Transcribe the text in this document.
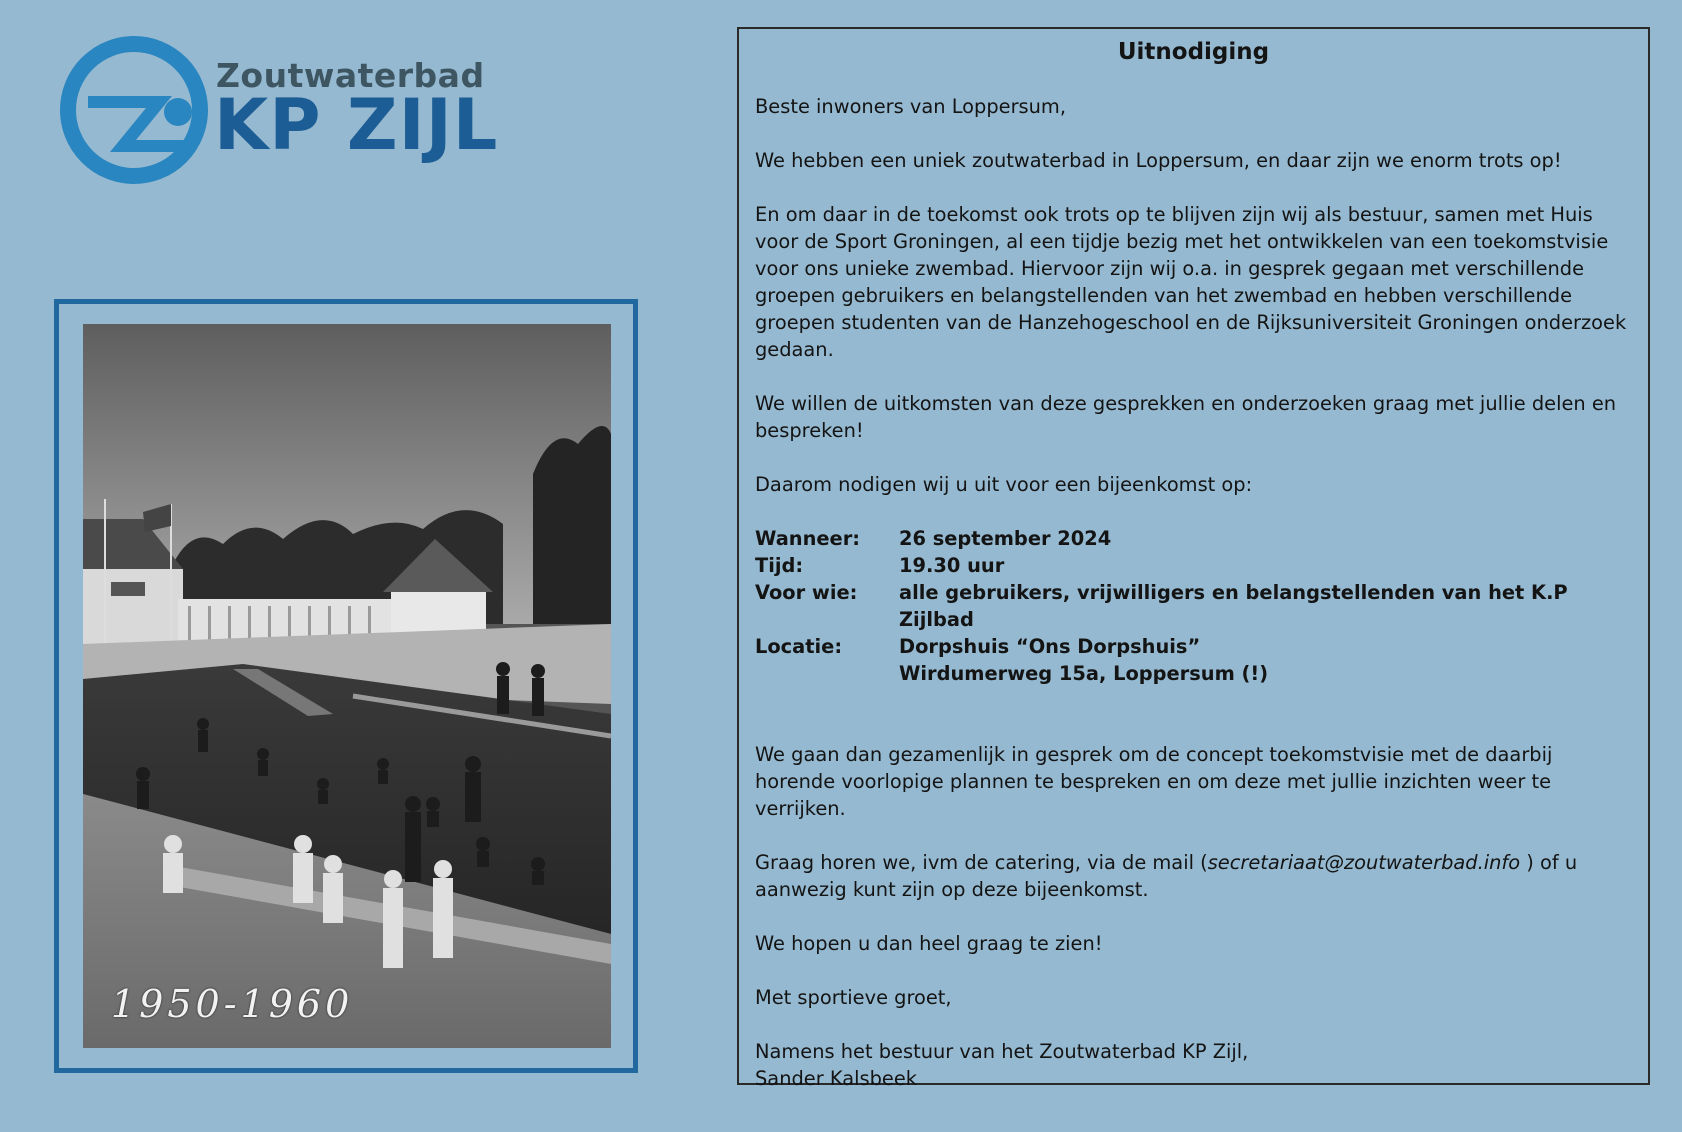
Zoutwaterbad
KP ZIJL
1950-1960
Uitnodiging

Beste inwoners van Loppersum,

We hebben een uniek zoutwaterbad in Loppersum, en daar zijn we enorm trots op!

En om daar in de toekomst ook trots op te blijven zijn wij als bestuur, samen met Huis voor de Sport Groningen, al een tijdje bezig met het ontwikkelen van een toekomstvisie voor ons unieke zwembad. Hiervoor zijn wij o.a. in gesprek gegaan met verschillende groepen gebruikers en belangstellenden van het zwembad en hebben verschillende groepen studenten van de Hanzehogeschool en de Rijksuniversiteit Groningen onderzoek gedaan.

We willen de uitkomsten van deze gesprekken en onderzoeken graag met jullie delen en bespreken!

Daarom nodigen wij u uit voor een bijeenkomst op:

Wanneer:	26 september 2024
Tijd:	19.30 uur
Voor wie:	alle gebruikers, vrijwilligers en belangstellenden van het K.P Zijlbad
Locatie:	Dorpshuis “Ons Dorpshuis”
Wirdumerweg 15a, Loppersum (!)

We gaan dan gezamenlijk in gesprek om de concept toekomstvisie met de daarbij horende voorlopige plannen te bespreken en om deze met jullie inzichten weer te verrijken.

Graag horen we, ivm de catering, via de mail (secretariaat@zoutwaterbad.info ) of u aanwezig kunt zijn op deze bijeenkomst.

We hopen u dan heel graag te zien!

Met sportieve groet,

Namens het bestuur van het Zoutwaterbad KP Zijl,

Sander Kalsbeek
